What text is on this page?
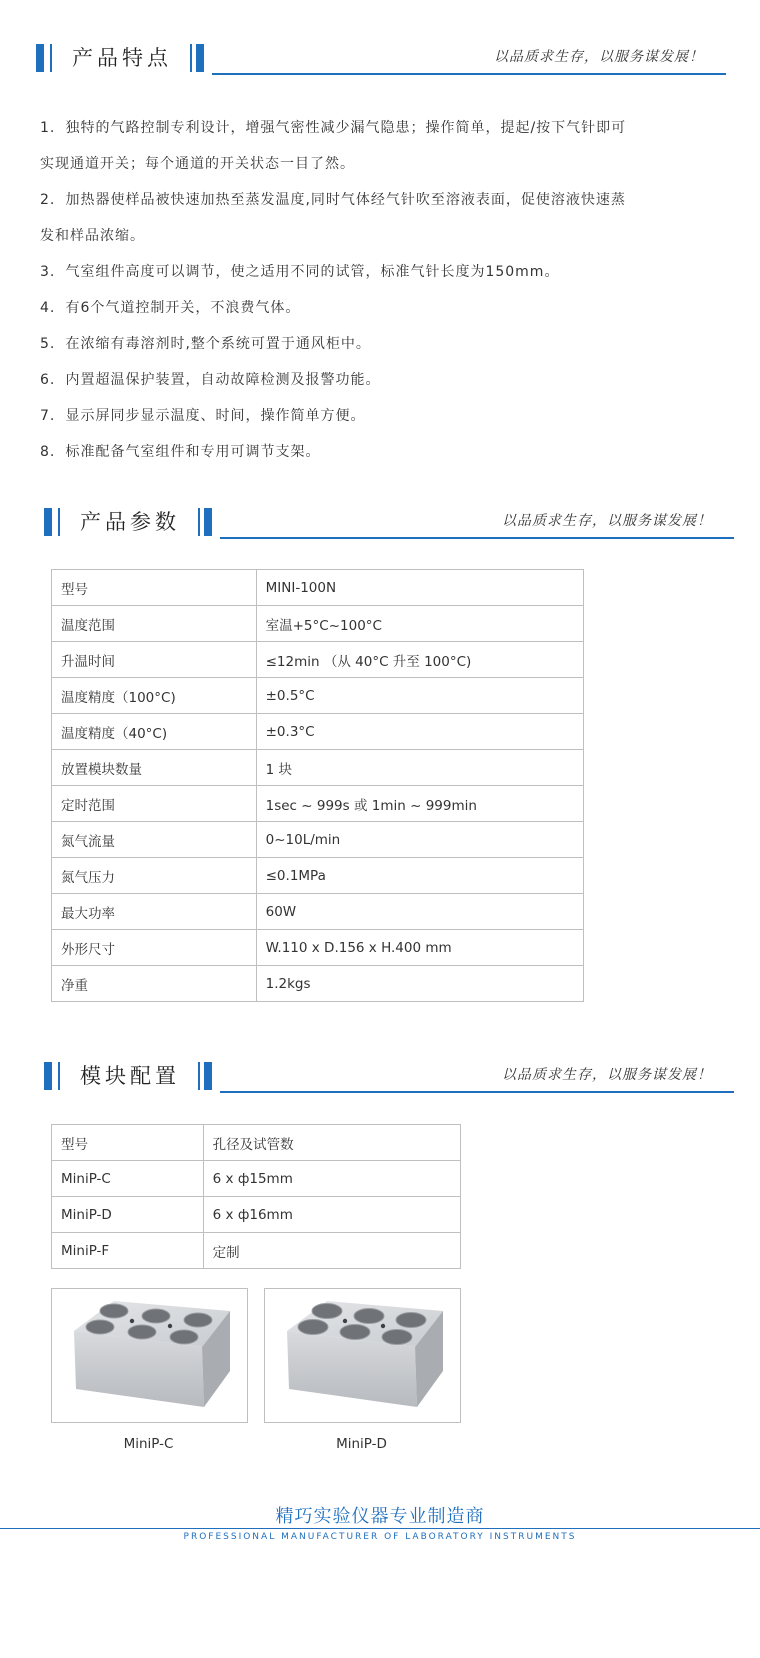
产品特点	以品质求生存，以服务谋发展！
1. 独特的气路控制专利设计，增强气密性减少漏气隐患；操作简单，提起/按下气针即可
实现通道开关；每个通道的开关状态一目了然。
2. 加热器使样品被快速加热至蒸发温度,同时气体经气针吹至溶液表面，促使溶液快速蒸
发和样品浓缩。
3. 气室组件高度可以调节，使之适用不同的试管，标准气针长度为150mm。
4. 有6个气道控制开关，不浪费气体。
5. 在浓缩有毒溶剂时,整个系统可置于通风柜中。
6. 内置超温保护装置，自动故障检测及报警功能。
7. 显示屏同步显示温度、时间，操作简单方便。
8. 标准配备气室组件和专用可调节支架。
产品参数	以品质求生存，以服务谋发展！
型号	MINI-100N
温度范围	室温+5°C~100°C
升温时间	≤12min （从 40°C 升至 100°C)
温度精度（100°C)	±0.5°C
温度精度（40°C)	±0.3°C
放置模块数量	1 块
定时范围	1sec ~ 999s 或 1min ~ 999min
氮气流量	0~10L/min
氮气压力	≤0.1MPa
最大功率	60W
外形尺寸	W.110 x D.156 x H.400 mm
净重	1.2kgs
模块配置	以品质求生存，以服务谋发展！
型号	孔径及试管数
MiniP-C	6 x ф15mm
MiniP-D	6 x ф16mm
MiniP-F	定制
MiniP-C	MiniP-D
精巧实验仪器专业制造商
PROFESSIONAL MANUFACTURER OF LABORATORY INSTRUMENTS
